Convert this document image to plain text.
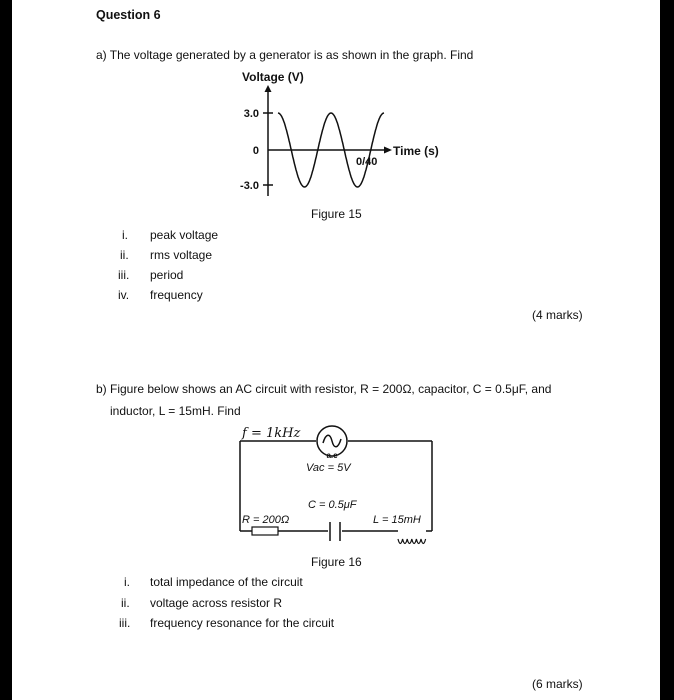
Question 6
a) The voltage generated by a generator is as shown in the graph. Find
Voltage (V)
Time (s)
3.0
0
-3.0
0/40
Figure 15
i. peak voltage
ii. rms voltage
iii. period
iv. frequency
(4 marks)
b) Figure below shows an AC circuit with resistor, R = 200Ω, capacitor, C = 0.5μF, and
inductor, L = 15mH. Find
a.c
f = 1kHz
Vac = 5V
C = 0.5μF
R = 200Ω	L = 15mH
Figure 16
i. total impedance of the circuit
ii. voltage across resistor R
iii. frequency resonance for the circuit
(6 marks)
